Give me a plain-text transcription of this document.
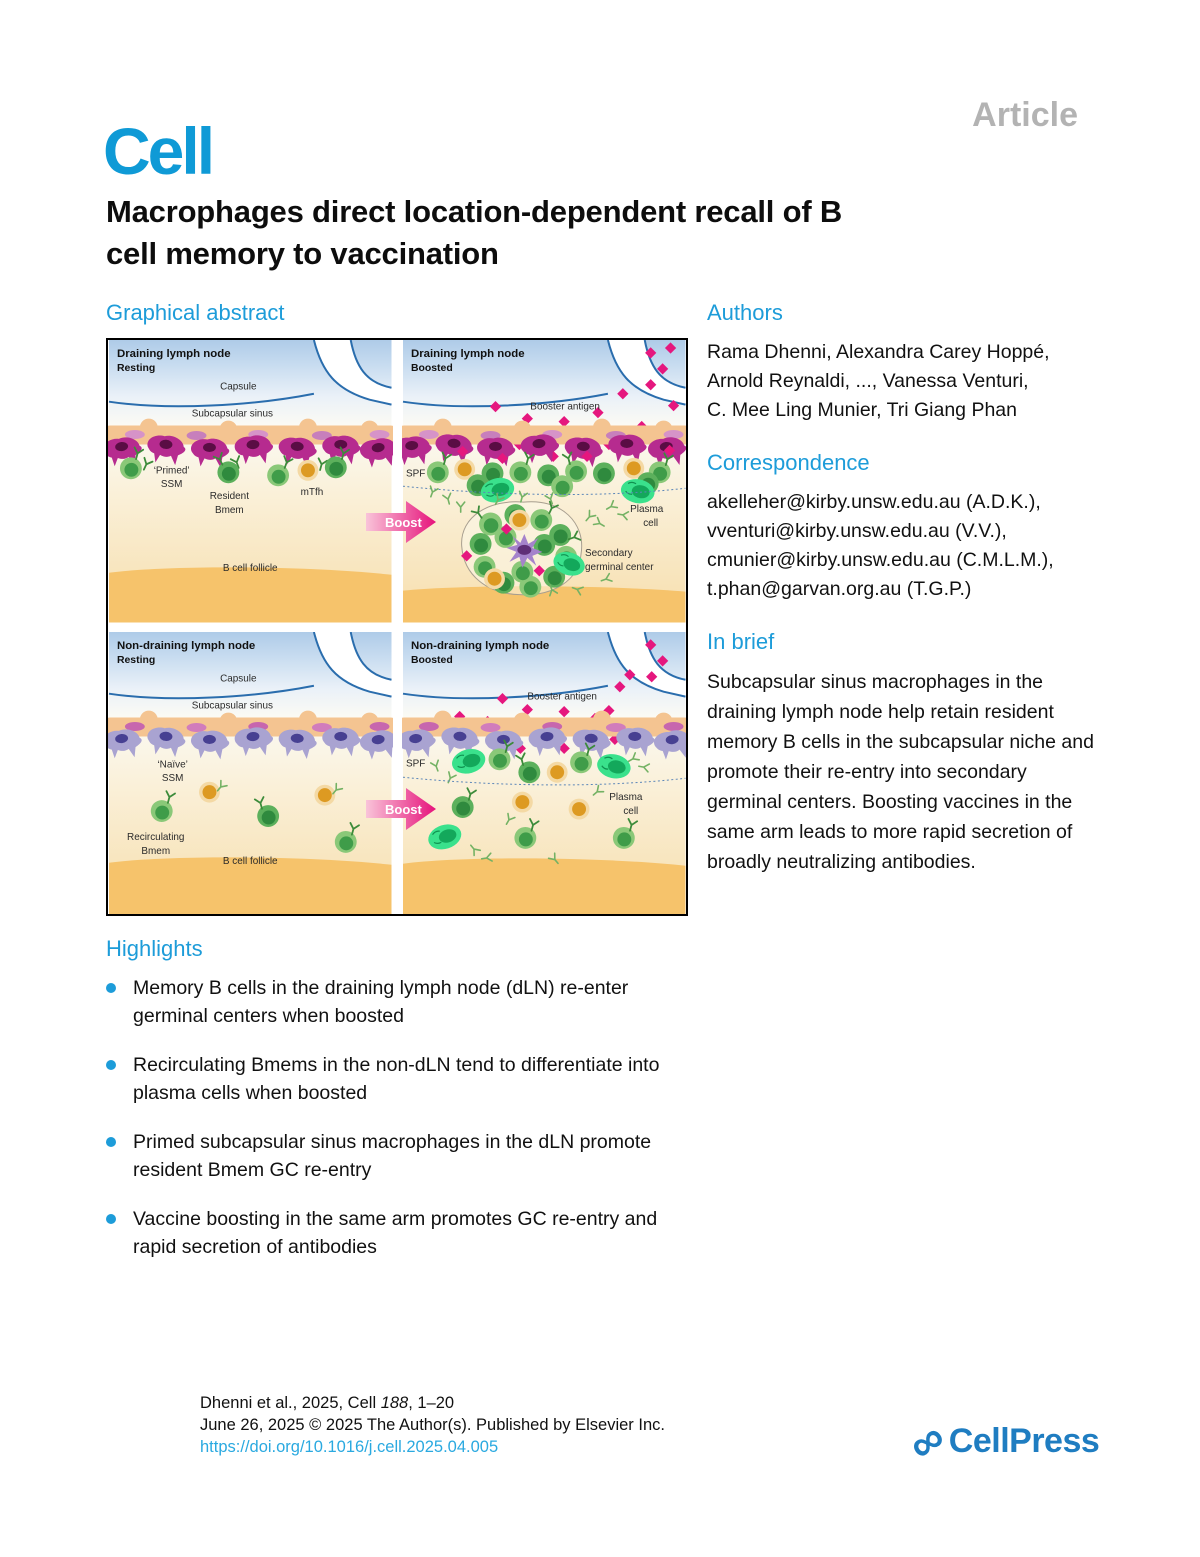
Article
Cell
Macrophages direct location-dependent recall of B
cell memory to vaccination
Graphical abstract
Capsule
Subcapsular sinus
‘Primed’
SSM
Resident
Bmem
mTfh
B cell follicle
Draining lymph node
Resting
Booster antigen
SPF
Plasma
cell
Secondary
germinal center
Draining lymph node
Boosted
Capsule
Subcapsular sinus
‘Naïve’
SSM
Recirculating
Bmem
B cell follicle
Non-draining lymph node
Resting
Booster antigen
SPF
Plasma
cell
Non-draining lymph node
Boosted
Boost
Boost
Authors
Rama Dhenni, Alexandra Carey Hoppé,
Arnold Reynaldi, ..., Vanessa Venturi,
C. Mee Ling Munier, Tri Giang Phan
Correspondence
akelleher@kirby.unsw.edu.au (A.D.K.),
vventuri@kirby.unsw.edu.au (V.V.),
cmunier@kirby.unsw.edu.au (C.M.L.M.),
t.phan@garvan.org.au (T.G.P.)
In brief

Subcapsular sinus macrophages in the draining lymph node help retain resident memory B cells in the subcapsular niche and promote their re-entry into secondary germinal centers. Boosting vaccines in the same arm leads to more rapid secretion of broadly neutralizing antibodies.

Highlights
Memory B cells in the draining lymph node (dLN) re-enter germinal centers when boosted
Recirculating Bmems in the non-dLN tend to differentiate into plasma cells when boosted
Primed subcapsular sinus macrophages in the dLN promote resident Bmem GC re-entry
Vaccine boosting in the same arm promotes GC re-entry and rapid secretion of antibodies
Dhenni et al., 2025, Cell 188, 1–20
June 26, 2025 © 2025 The Author(s). Published by Elsevier Inc.
https://doi.org/10.1016/j.cell.2025.04.005	∞
CellPress
